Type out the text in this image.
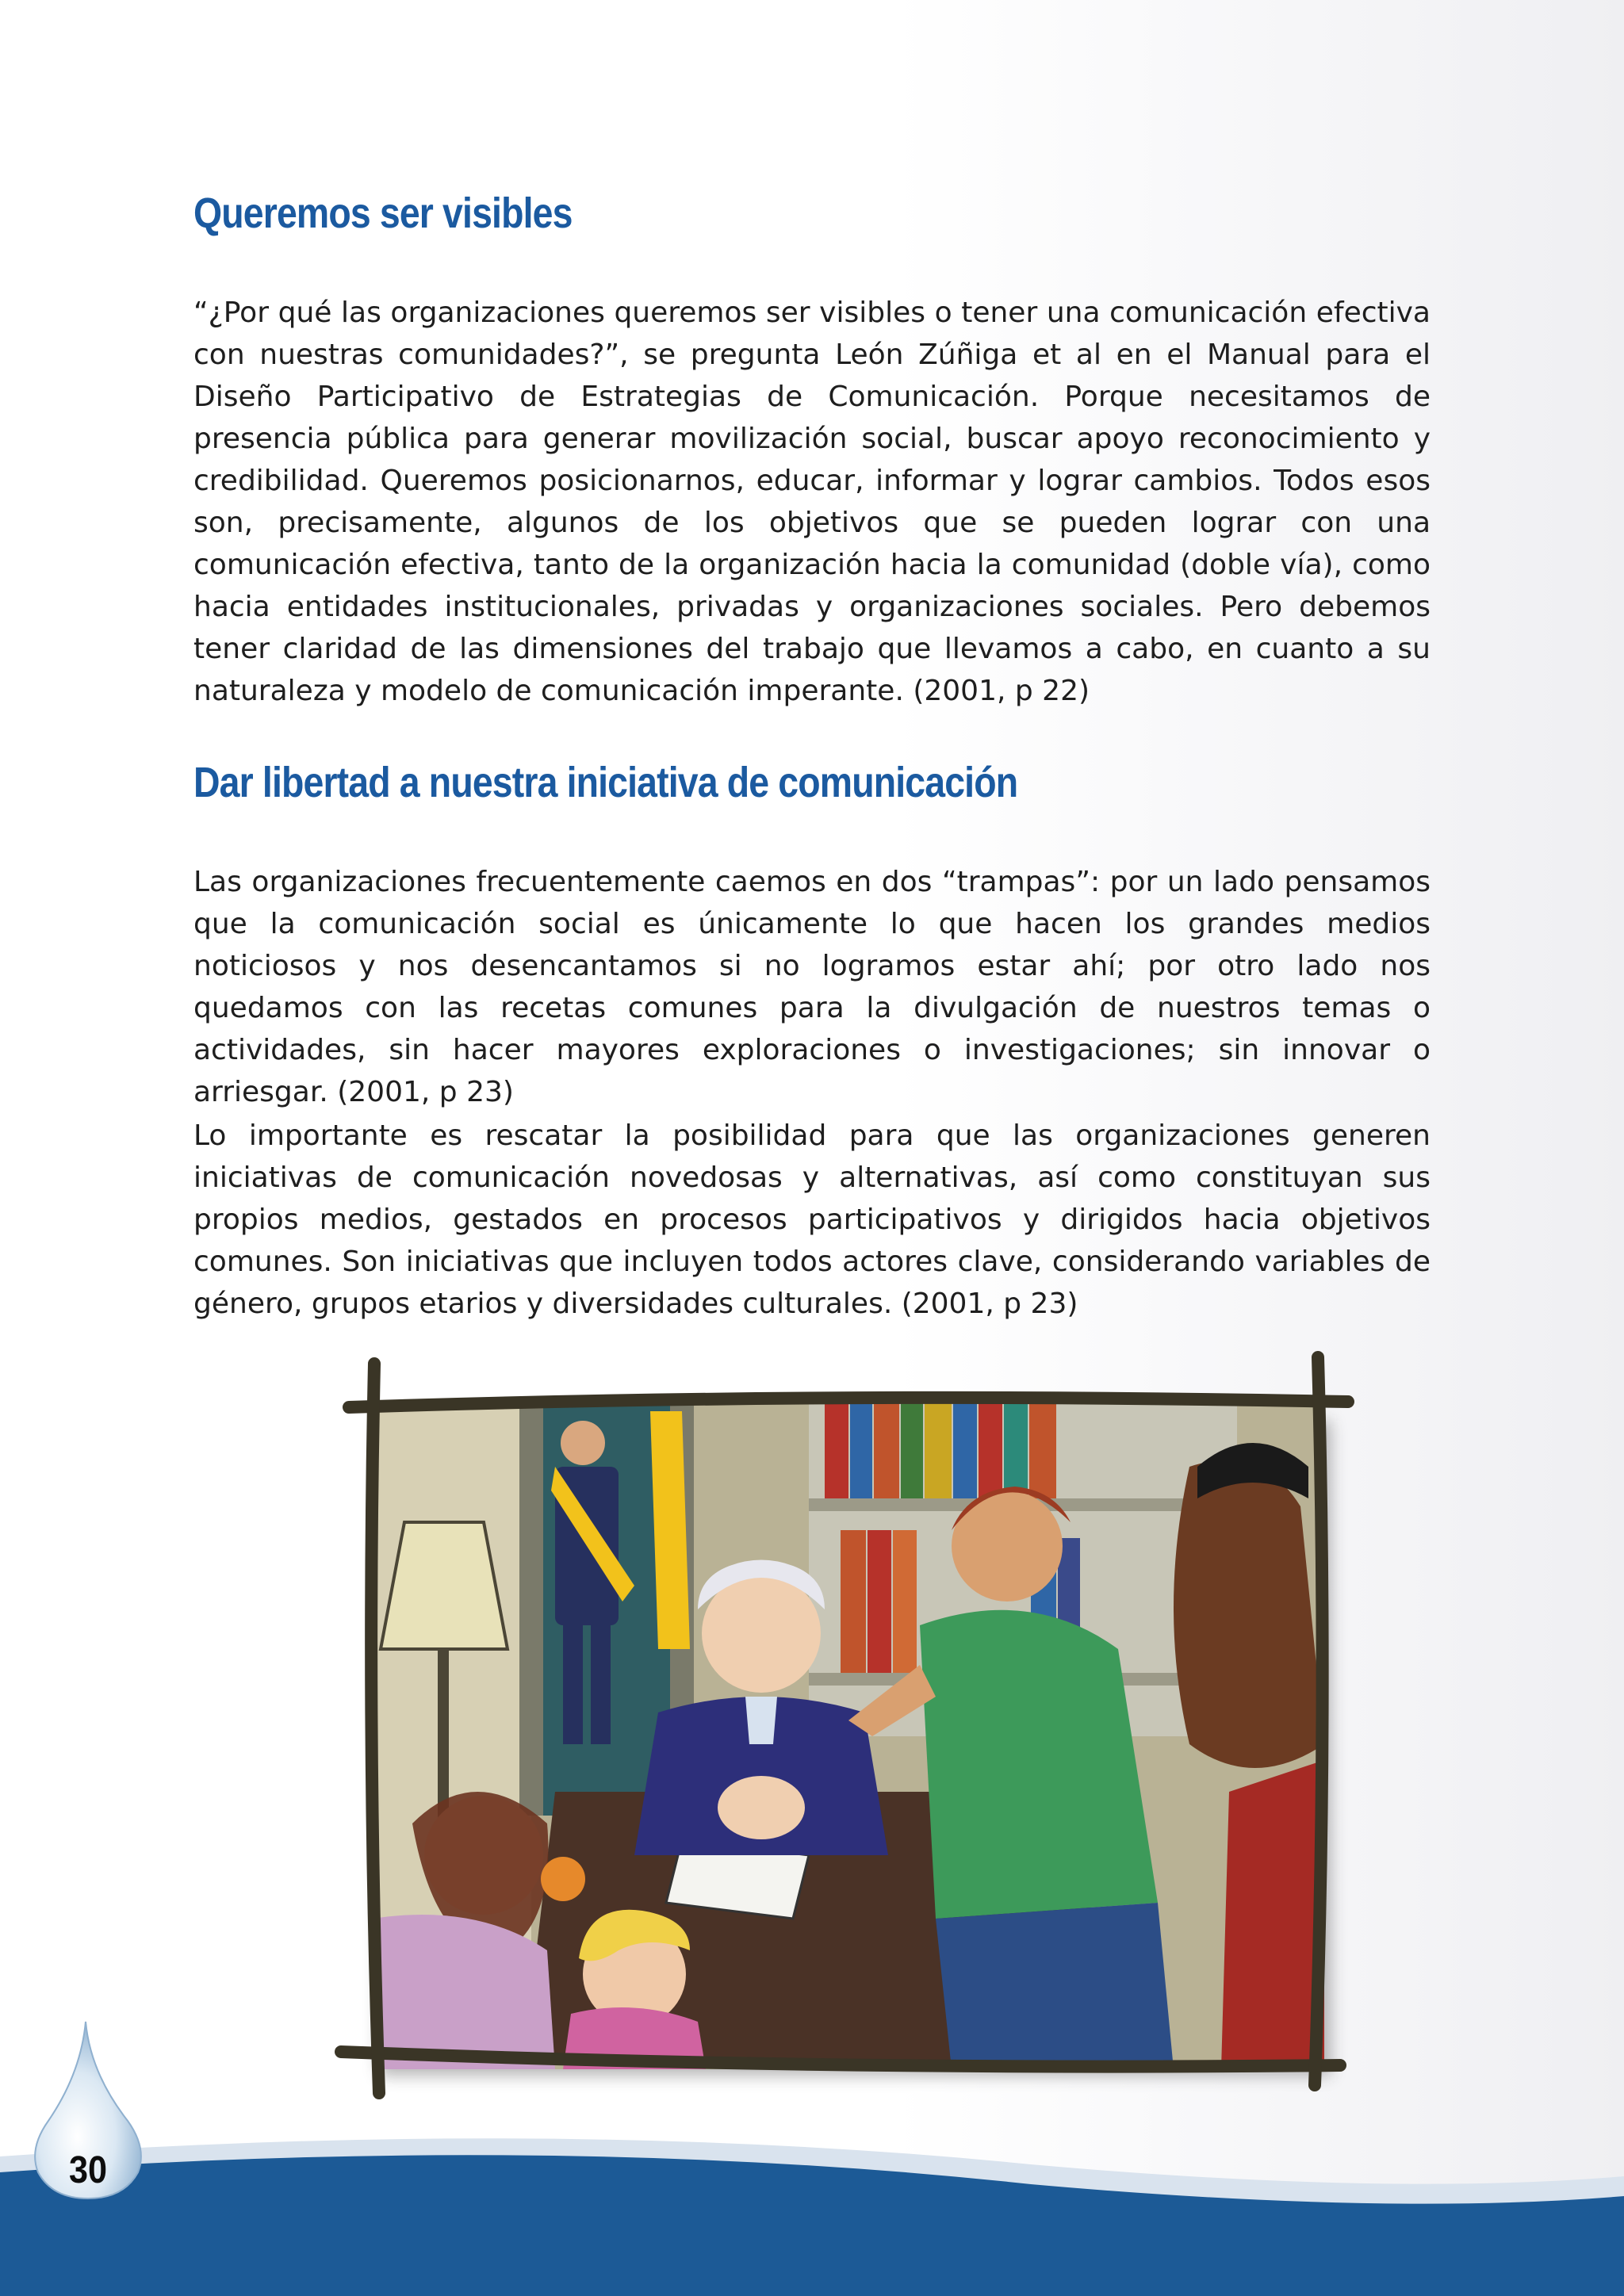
Queremos ser visibles

“¿Por qué las organizaciones queremos ser visibles o tener una comunicación efectiva con nuestras comunidades?”, se pregunta León Zúñiga et al en el Manual para el Diseño Participativo de Estrategias de Comunicación. Porque necesitamos de presencia pública para generar movilización social, buscar apoyo reconocimiento y credibilidad. Queremos posicionarnos, educar, informar y lograr cambios. Todos esos son, precisamente, algunos de los objetivos que se pueden lograr con una comunicación efectiva, tanto de la organización hacia la comunidad (doble vía), como hacia entidades institucionales, privadas y organizaciones sociales. Pero debemos tener claridad de las dimensiones del trabajo que llevamos a cabo, en cuanto a su naturaleza y modelo de comunicación imperante. (2001, p 22)

Dar libertad a nuestra iniciativa de comunicación

Las organizaciones frecuentemente caemos en dos “trampas”: por un lado pensamos que la comunicación social es únicamente lo que hacen los grandes medios noticiosos y nos desencantamos si no logramos estar ahí; por otro lado nos quedamos con las recetas comunes para la divulgación de nuestros temas o actividades, sin hacer mayores exploraciones o investigaciones; sin innovar o arriesgar. (2001, p 23)

Lo importante es rescatar la posibilidad para que las organizaciones generen iniciativas de comunicación novedosas y alternativas, así como constituyan sus propios medios, gestados en procesos participativos y dirigidos hacia objetivos comunes. Son iniciativas que incluyen todos actores clave, considerando variables de género, grupos etarios y diversidades culturales. (2001, p 23)

30
